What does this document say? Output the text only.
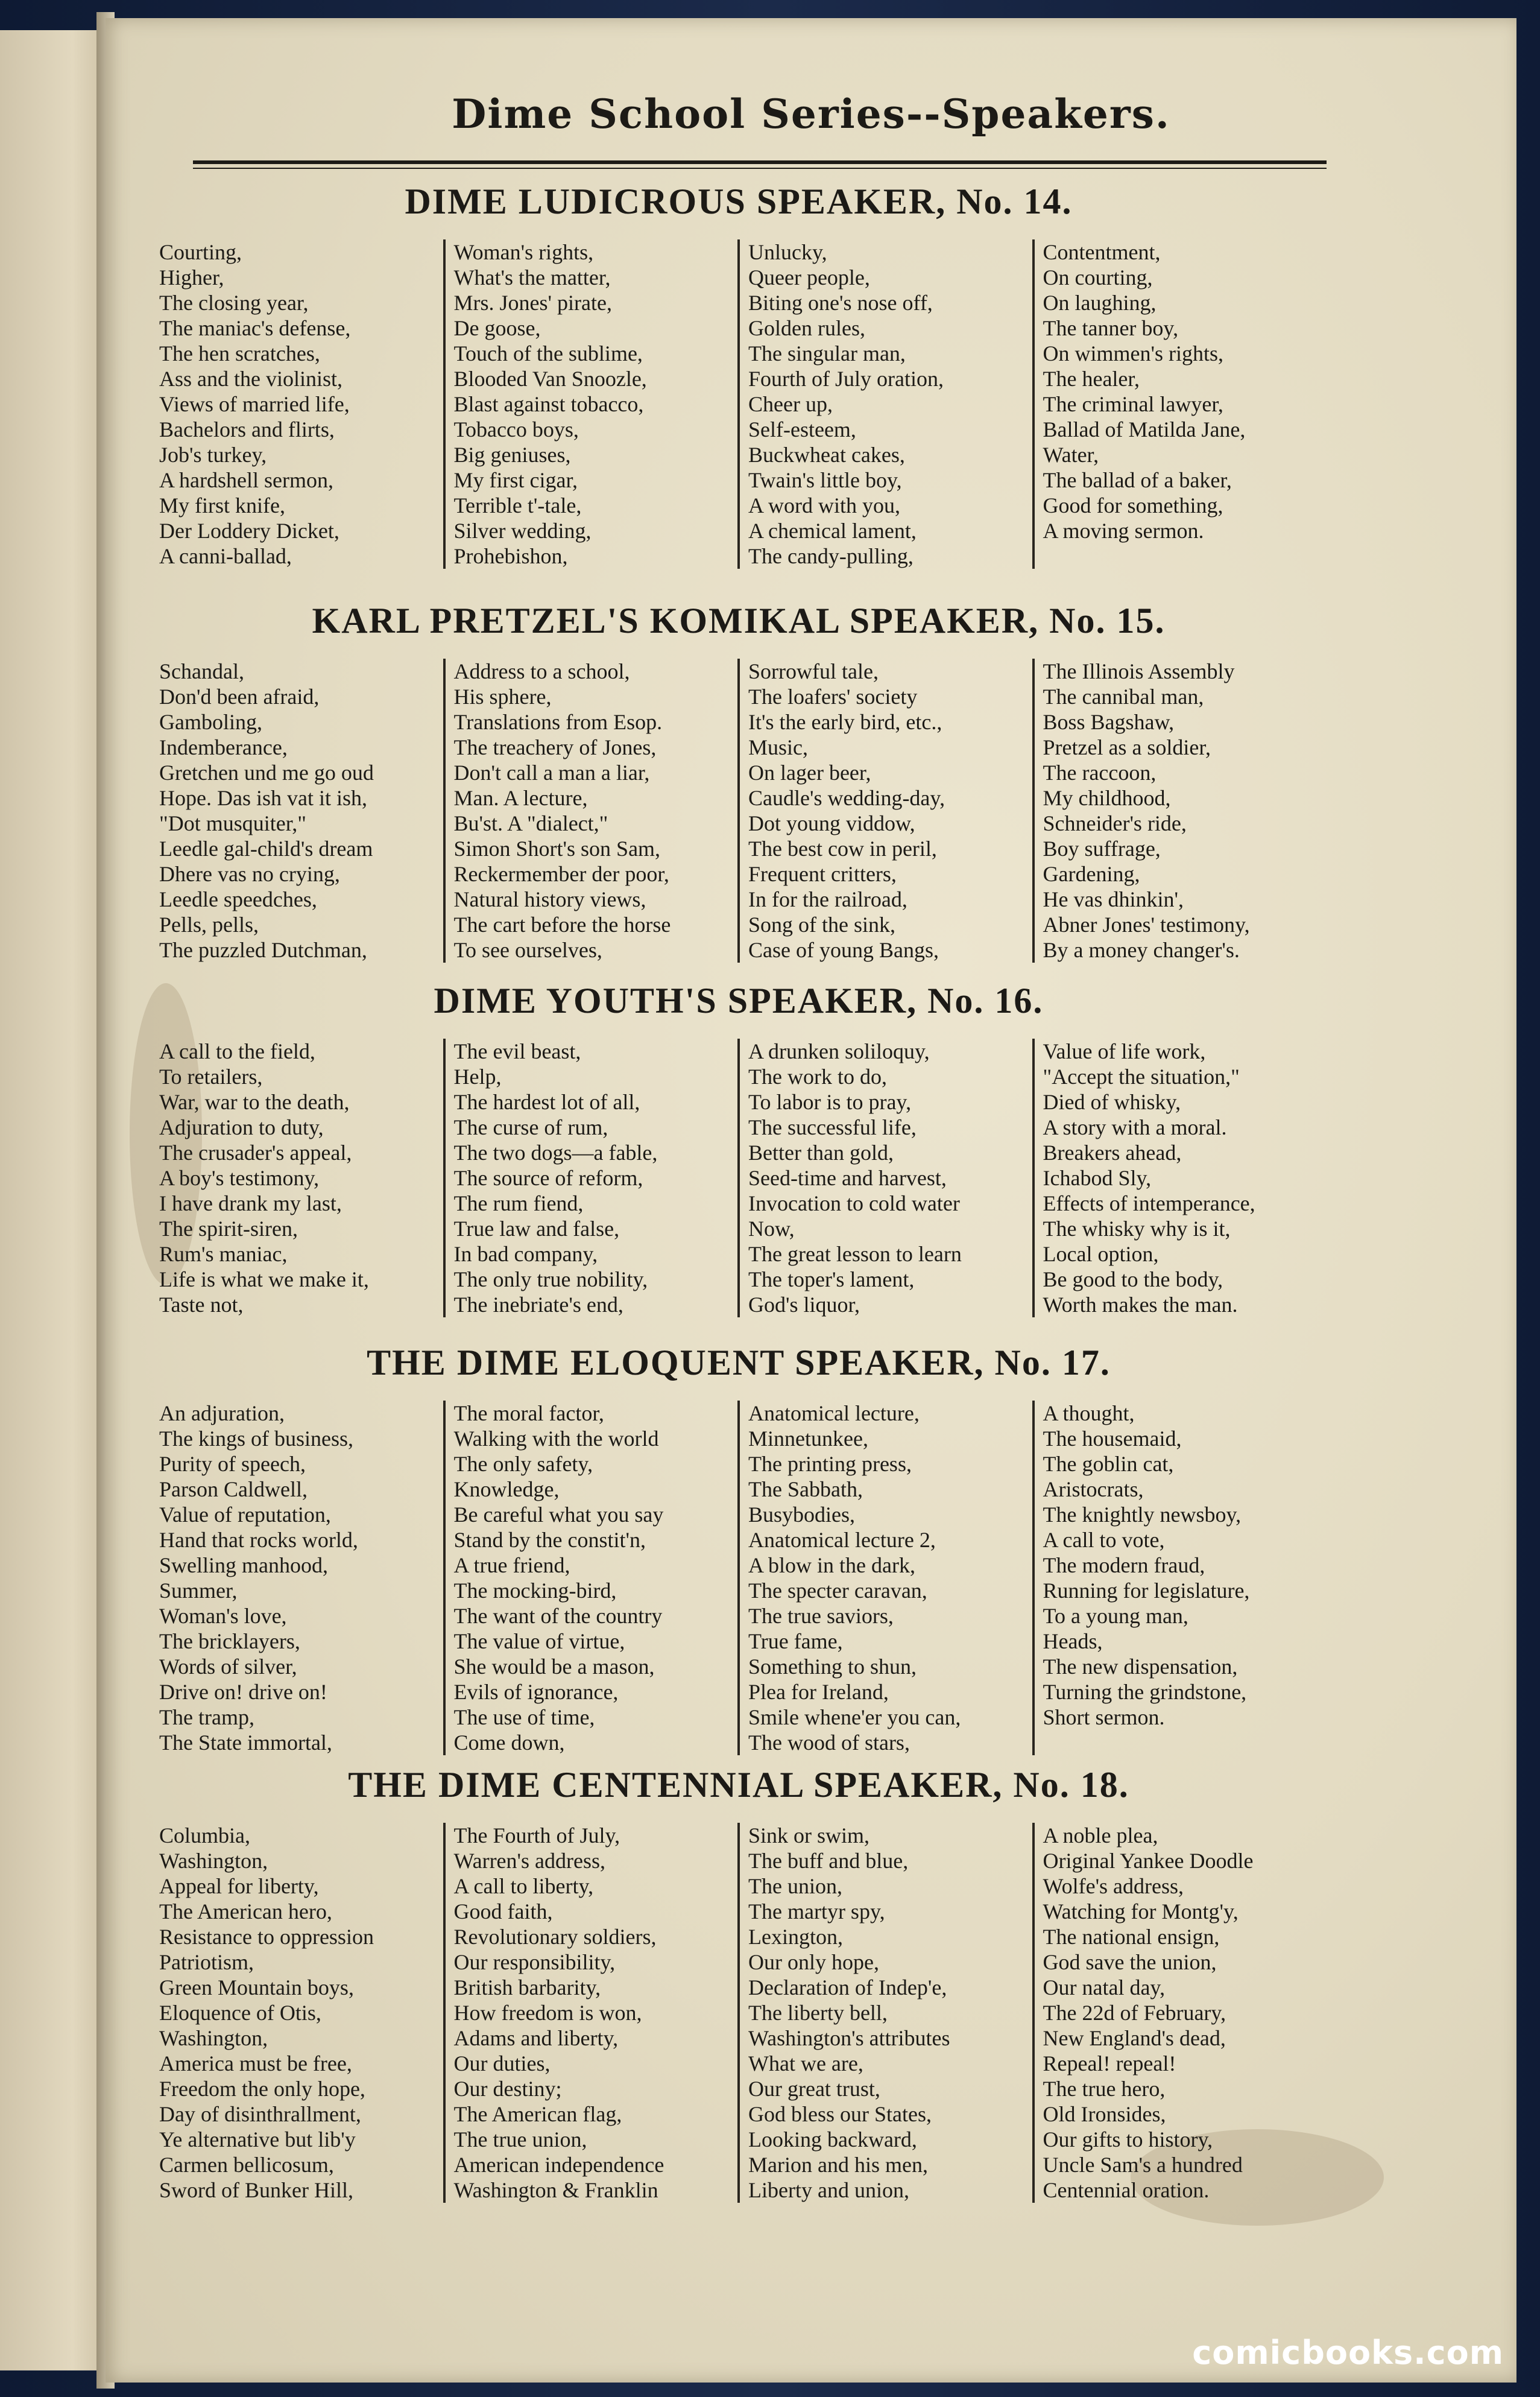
Dime School Series--Speakers.
DIME LUDICROUS SPEAKER, No. 14.
Courting,
Higher,
The closing year,
The maniac's defense,
The hen scratches,
Ass and the violinist,
Views of married life,
Bachelors and flirts,
Job's turkey,
A hardshell sermon,
My first knife,
Der Loddery Dicket,
A canni-ballad,
Woman's rights,
What's the matter,
Mrs. Jones' pirate,
De goose,
Touch of the sublime,
Blooded Van Snoozle,
Blast against tobacco,
Tobacco boys,
Big geniuses,
My first cigar,
Terrible t'-tale,
Silver wedding,
Prohebishon,
Unlucky,
Queer people,
Biting one's nose off,
Golden rules,
The singular man,
Fourth of July oration,
Cheer up,
Self-esteem,
Buckwheat cakes,
Twain's little boy,
A word with you,
A chemical lament,
The candy-pulling,
Contentment,
On courting,
On laughing,
The tanner boy,
On wimmen's rights,
The healer,
The criminal lawyer,
Ballad of Matilda Jane,
Water,
The ballad of a baker,
Good for something,
A moving sermon.
KARL PRETZEL'S KOMIKAL SPEAKER, No. 15.
Schandal,
Don'd been afraid,
Gamboling,
Indemberance,
Gretchen und me go oud
Hope. Das ish vat it ish,
"Dot musquiter,"
Leedle gal-child's dream
Dhere vas no crying,
Leedle speedches,
Pells, pells,
The puzzled Dutchman,
Address to a school,
His sphere,
Translations from Esop.
The treachery of Jones,
Don't call a man a liar,
Man. A lecture,
Bu'st. A "dialect,"
Simon Short's son Sam,
Reckermember der poor,
Natural history views,
The cart before the horse
To see ourselves,
Sorrowful tale,
The loafers' society
It's the early bird, etc.,
Music,
On lager beer,
Caudle's wedding-day,
Dot young viddow,
The best cow in peril,
Frequent critters,
In for the railroad,
Song of the sink,
Case of young Bangs,
The Illinois Assembly
The cannibal man,
Boss Bagshaw,
Pretzel as a soldier,
The raccoon,
My childhood,
Schneider's ride,
Boy suffrage,
Gardening,
He vas dhinkin',
Abner Jones' testimony,
By a money changer's.
DIME YOUTH'S SPEAKER, No. 16.
A call to the field,
To retailers,
War, war to the death,
Adjuration to duty,
The crusader's appeal,
A boy's testimony,
I have drank my last,
The spirit-siren,
Rum's maniac,
Life is what we make it,
Taste not,
The evil beast,
Help,
The hardest lot of all,
The curse of rum,
The two dogs—a fable,
The source of reform,
The rum fiend,
True law and false,
In bad company,
The only true nobility,
The inebriate's end,
A drunken soliloquy,
The work to do,
To labor is to pray,
The successful life,
Better than gold,
Seed-time and harvest,
Invocation to cold water
Now,
The great lesson to learn
The toper's lament,
God's liquor,
Value of life work,
"Accept the situation,"
Died of whisky,
A story with a moral.
Breakers ahead,
Ichabod Sly,
Effects of intemperance,
The whisky why is it,
Local option,
Be good to the body,
Worth makes the man.
THE DIME ELOQUENT SPEAKER, No. 17.
An adjuration,
The kings of business,
Purity of speech,
Parson Caldwell,
Value of reputation,
Hand that rocks world,
Swelling manhood,
Summer,
Woman's love,
The bricklayers,
Words of silver,
Drive on! drive on!
The tramp,
The State immortal,
The moral factor,
Walking with the world
The only safety,
Knowledge,
Be careful what you say
Stand by the constit'n,
A true friend,
The mocking-bird,
The want of the country
The value of virtue,
She would be a mason,
Evils of ignorance,
The use of time,
Come down,
Anatomical lecture,
Minnetunkee,
The printing press,
The Sabbath,
Busybodies,
Anatomical lecture 2,
A blow in the dark,
The specter caravan,
The true saviors,
True fame,
Something to shun,
Plea for Ireland,
Smile whene'er you can,
The wood of stars,
A thought,
The housemaid,
The goblin cat,
Aristocrats,
The knightly newsboy,
A call to vote,
The modern fraud,
Running for legislature,
To a young man,
Heads,
The new dispensation,
Turning the grindstone,
Short sermon.
THE DIME CENTENNIAL SPEAKER, No. 18.
Columbia,
Washington,
Appeal for liberty,
The American hero,
Resistance to oppression
Patriotism,
Green Mountain boys,
Eloquence of Otis,
Washington,
America must be free,
Freedom the only hope,
Day of disinthrallment,
Ye alternative but lib'y
Carmen bellicosum,
Sword of Bunker Hill,
The Fourth of July,
Warren's address,
A call to liberty,
Good faith,
Revolutionary soldiers,
Our responsibility,
British barbarity,
How freedom is won,
Adams and liberty,
Our duties,
Our destiny;
The American flag,
The true union,
American independence
Washington & Franklin
Sink or swim,
The buff and blue,
The union,
The martyr spy,
Lexington,
Our only hope,
Declaration of Indep'e,
The liberty bell,
Washington's attributes
What we are,
Our great trust,
God bless our States,
Looking backward,
Marion and his men,
Liberty and union,
A noble plea,
Original Yankee Doodle
Wolfe's address,
Watching for Montg'y,
The national ensign,
God save the union,
Our natal day,
The 22d of February,
New England's dead,
Repeal! repeal!
The true hero,
Old Ironsides,
Our gifts to history,
Uncle Sam's a hundred
Centennial oration.
comicbooks.com
